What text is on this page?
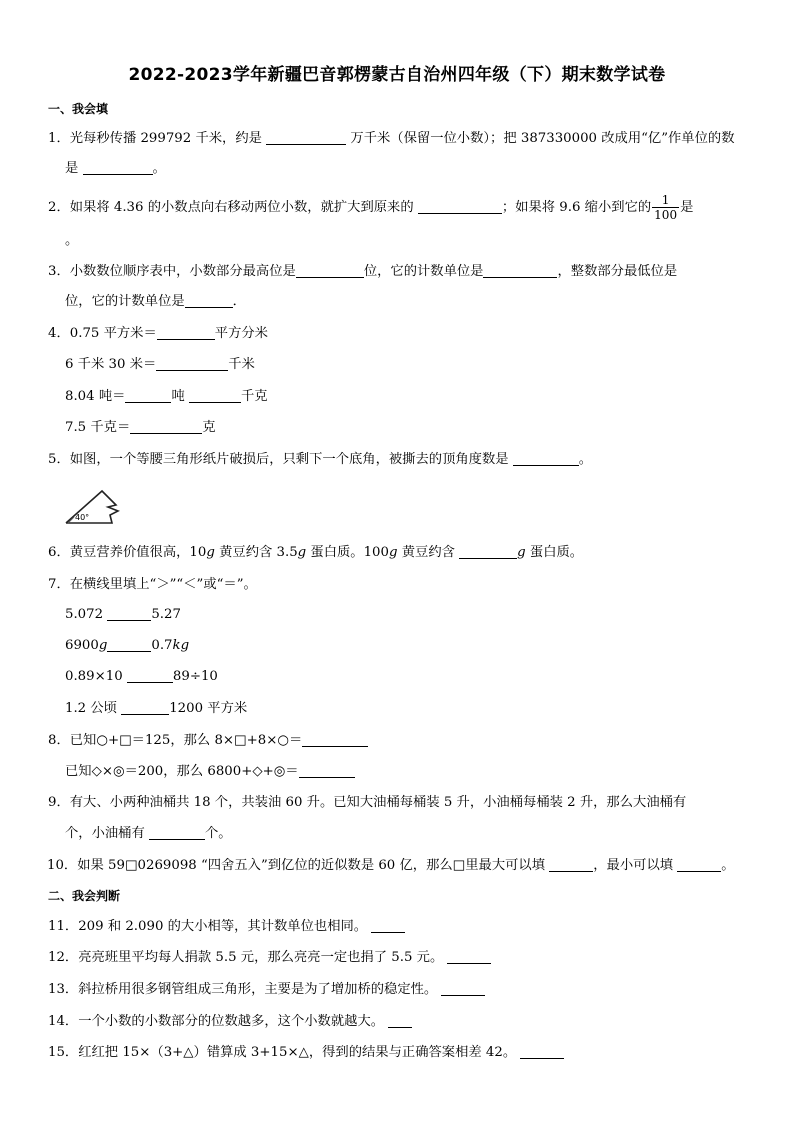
2022-2023学年新疆巴音郭楞蒙古自治州四年级（下）期末数学试卷
一、我会填
1．光每秒传播 299792 千米，约是	万千米（保留一位小数）；把 387330000 改成用“亿”作单位的数
是	。
2．如果将 4.36 的小数点向右移动两位小数，就扩大到原来的	；如果将 9.6 缩小到它的 $\frac{1}{100}$ 是
。
3．小数数位顺序表中，小数部分最高位是	位，它的计数单位是	，整数部分最低位是
位，它的计数单位是	．
4．0.75 平方米＝	平方分米
6 千米 30 米＝	千米
8.04 吨＝	吨	千克
7.5 千克＝	克
5．如图，一个等腰三角形纸片破损后，只剩下一个底角，被撕去的顶角度数是	。
40°
6．黄豆营养价值很高，10g 黄豆约含 3.5g 蛋白质。100g 黄豆约含	g 蛋白质。
7．在横线里填上“＞”“＜”或“＝”。
5.072	5.27
6900g	0.7kg
0.89×10	89÷10
1.2 公顷	1200 平方米
8．已知○+□＝125，那么 8×□+8×○＝
已知◇×◎＝200，那么 6800+◇+◎＝
9．有大、小两种油桶共 18 个，共装油 60 升。已知大油桶每桶装 5 升，小油桶每桶装 2 升，那么大油桶有
个，小油桶有	个。
10．如果 59□0269098 “四舍五入”到亿位的近似数是 60 亿，那么□里最大可以填	，最小可以填	。
二、我会判断
11．209 和 2.090 的大小相等，其计数单位也相同。
12．亮亮班里平均每人捐款 5.5 元，那么亮亮一定也捐了 5.5 元。
13．斜拉桥用很多钢管组成三角形，主要是为了增加桥的稳定性。
14．一个小数的小数部分的位数越多，这个小数就越大。
15．红红把 15×（3+△）错算成 3+15×△，得到的结果与正确答案相差 42。
